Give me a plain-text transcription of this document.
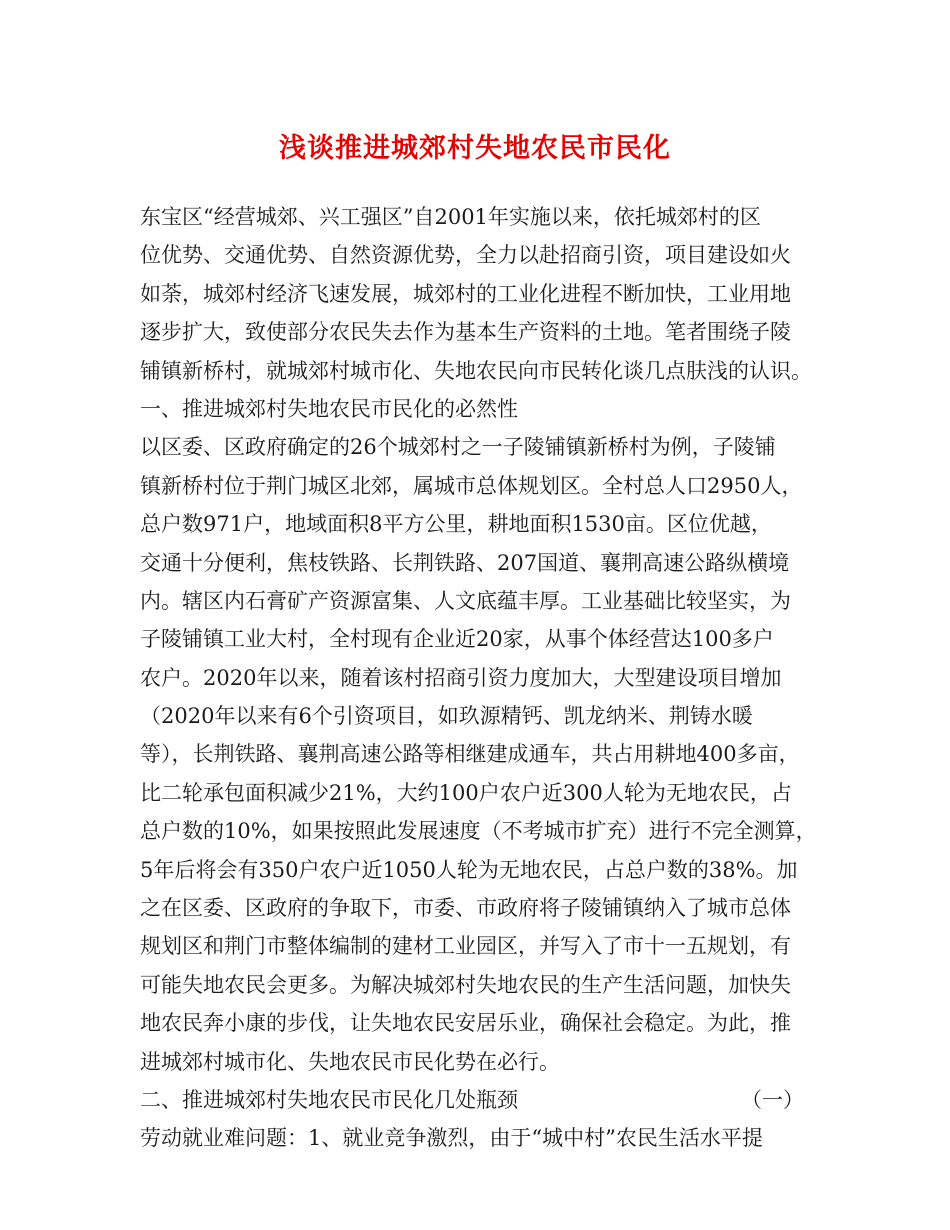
浅谈推进城郊村失地农民市民化
东宝区“经营城郊、兴工强区”自2001年实施以来，依托城郊村的区
位优势、交通优势、自然资源优势，全力以赴招商引资，项目建设如火
如荼，城郊村经济飞速发展，城郊村的工业化进程不断加快，工业用地
逐步扩大，致使部分农民失去作为基本生产资料的土地。笔者围绕子陵
铺镇新桥村，就城郊村城市化、失地农民向市民转化谈几点肤浅的认识。
一、推进城郊村失地农民市民化的必然性
以区委、区政府确定的26个城郊村之一子陵铺镇新桥村为例，子陵铺
镇新桥村位于荆门城区北郊，属城市总体规划区。全村总人口2950人，
总户数971户，地域面积8平方公里，耕地面积1530亩。区位优越，
交通十分便利，焦枝铁路、长荆铁路、207国道、襄荆高速公路纵横境
内。辖区内石膏矿产资源富集、人文底蕴丰厚。工业基础比较坚实，为
子陵铺镇工业大村，全村现有企业近20家，从事个体经营达100多户
农户。2020年以来，随着该村招商引资力度加大，大型建设项目增加
（2020年以来有6个引资项目，如玖源精钙、凯龙纳米、荆铸水暖
等），长荆铁路、襄荆高速公路等相继建成通车，共占用耕地400多亩，
比二轮承包面积减少21%，大约100户农户近300人轮为无地农民，占
总户数的10%，如果按照此发展速度（不考城市扩充）进行不完全测算，
5年后将会有350户农户近1050人轮为无地农民，占总户数的38%。加
之在区委、区政府的争取下，市委、市政府将子陵铺镇纳入了城市总体
规划区和荆门市整体编制的建材工业园区，并写入了市十一五规划，有
可能失地农民会更多。为解决城郊村失地农民的生产生活问题，加快失
地农民奔小康的步伐，让失地农民安居乐业，确保社会稳定。为此，推
进城郊村城市化、失地农民市民化势在必行。
二、推进城郊村失地农民市民化几处瓶颈	（一）
劳动就业难问题：1、就业竞争激烈，由于“城中村”农民生活水平提
